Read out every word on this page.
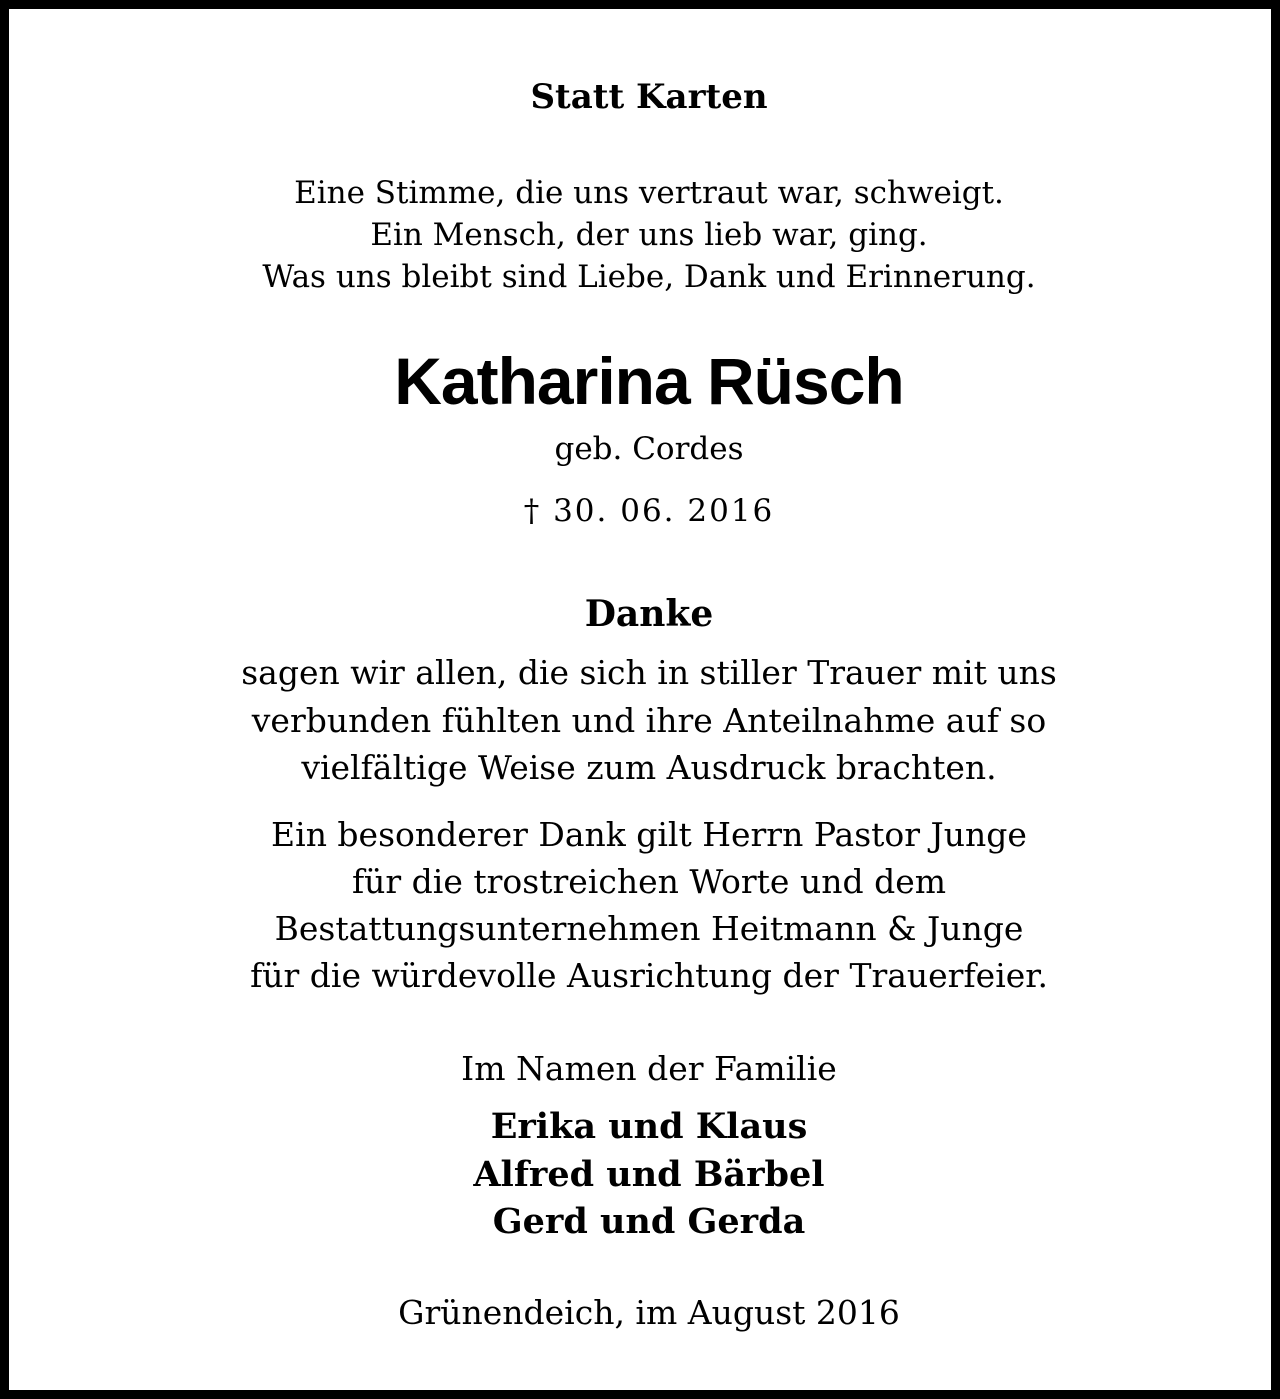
Statt Karten
Eine Stimme, die uns vertraut war, schweigt.
Ein Mensch, der uns lieb war, ging.
Was uns bleibt sind Liebe, Dank und Erinnerung.
Katharina Rüsch
geb. Cordes
† 30. 06. 2016
Danke
sagen wir allen, die sich in stiller Trauer mit uns
verbunden fühlten und ihre Anteilnahme auf so
vielfältige Weise zum Ausdruck brachten.
Ein besonderer Dank gilt Herrn Pastor Junge
für die trostreichen Worte und dem
Bestattungsunternehmen Heitmann & Junge
für die würdevolle Ausrichtung der Trauerfeier.
Im Namen der Familie
Erika und Klaus
Alfred und Bärbel
Gerd und Gerda
Grünendeich, im August 2016
